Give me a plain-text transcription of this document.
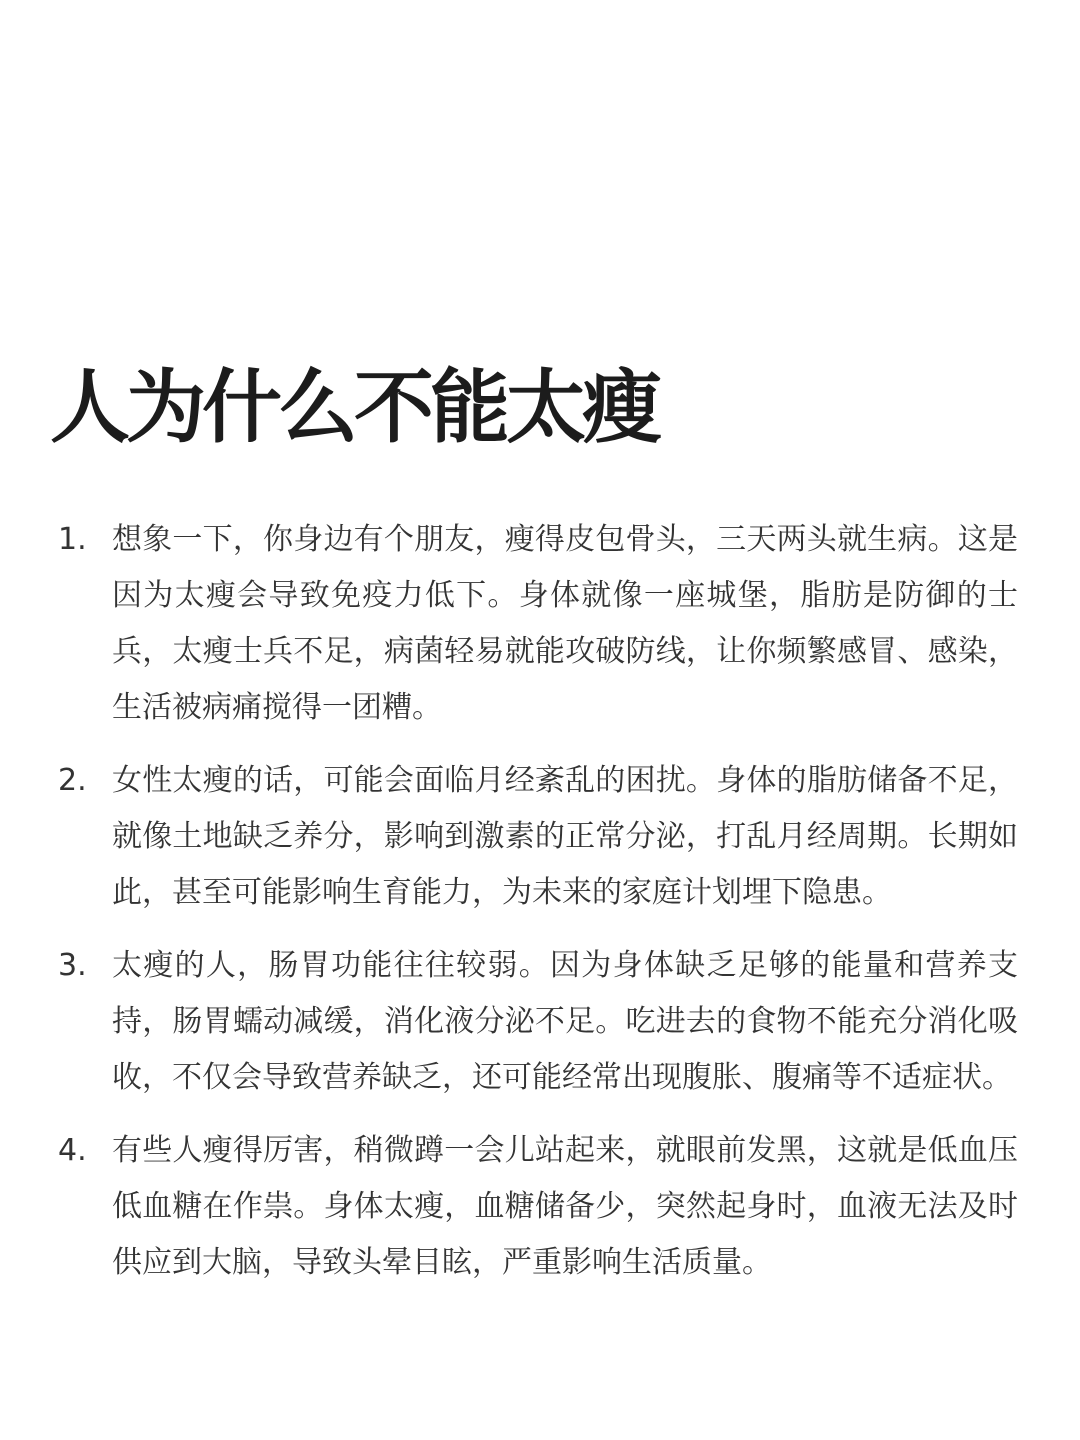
人为什么不能太瘦
1. 想象一下，你身边有个朋友，瘦得皮包骨头，三天两头就生病。这是因为太瘦会导致免疫力低下。身体就像一座城堡，脂肪是防御的士兵，太瘦士兵不足，病菌轻易就能攻破防线，让你频繁感冒、感染，生活被病痛搅得一团糟。
2. 女性太瘦的话，可能会面临月经紊乱的困扰。身体的脂肪储备不足，就像土地缺乏养分，影响到激素的正常分泌，打乱月经周期。长期如此，甚至可能影响生育能力，为未来的家庭计划埋下隐患。
3. 太瘦的人，肠胃功能往往较弱。因为身体缺乏足够的能量和营养支持，肠胃蠕动减缓，消化液分泌不足。吃进去的食物不能充分消化吸收，不仅会导致营养缺乏，还可能经常出现腹胀、腹痛等不适症状。
4. 有些人瘦得厉害，稍微蹲一会儿站起来，就眼前发黑，这就是低血压低血糖在作祟。身体太瘦，血糖储备少，突然起身时，血液无法及时供应到大脑，导致头晕目眩，严重影响生活质量。
